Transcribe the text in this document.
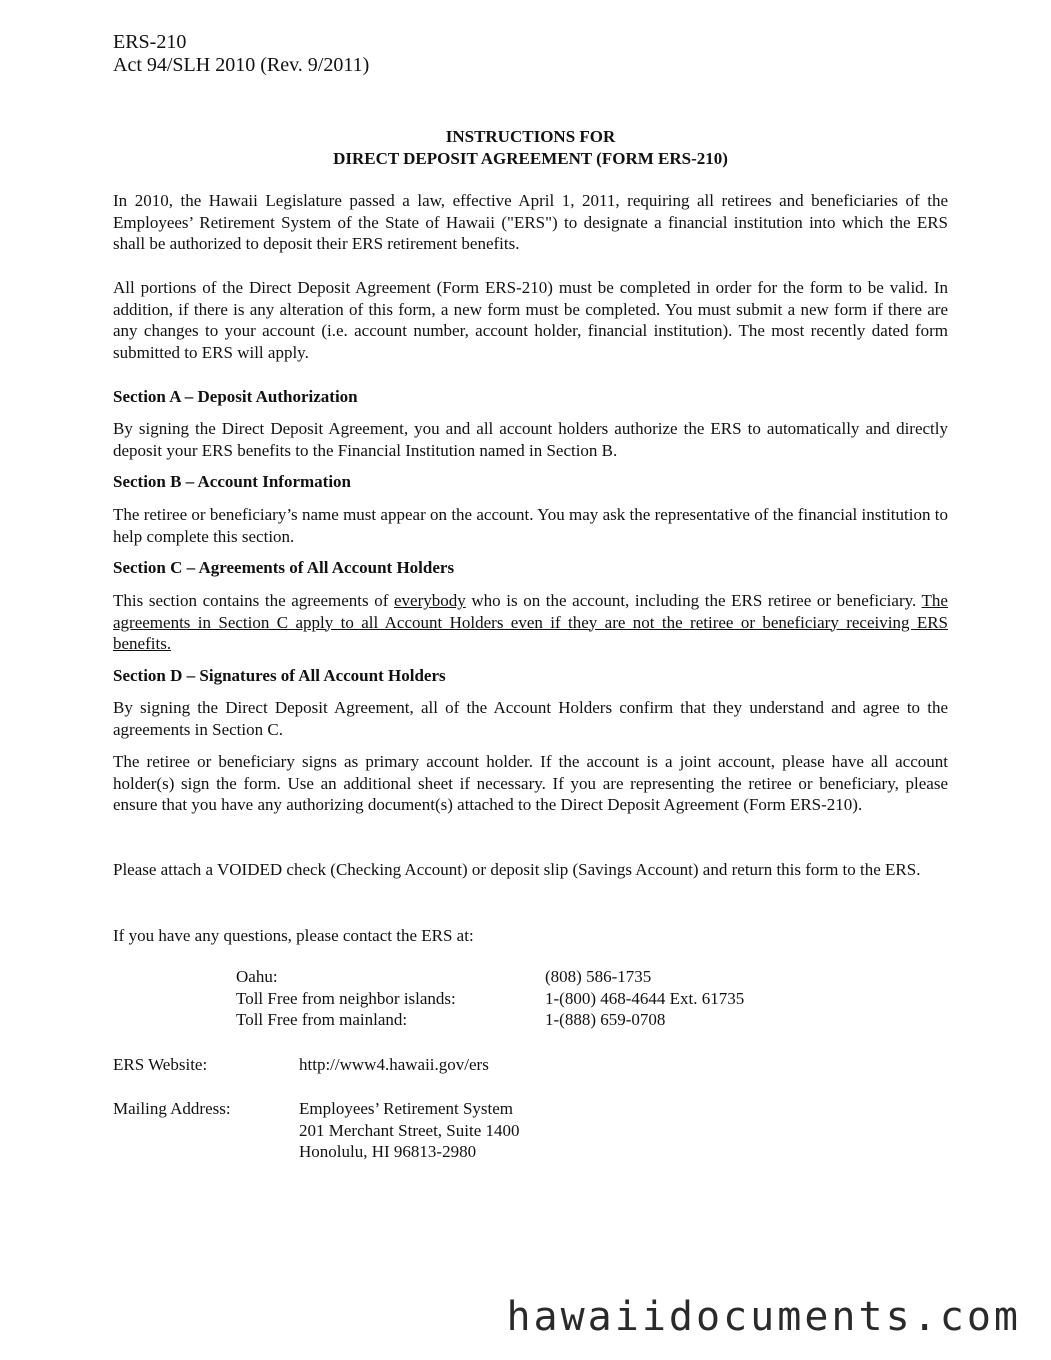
ERS-210
Act 94/SLH 2010 (Rev. 9/2011)
INSTRUCTIONS FOR
DIRECT DEPOSIT AGREEMENT (FORM ERS-210)

In 2010, the Hawaii Legislature passed a law, effective April 1, 2011, requiring all retirees and beneficiaries of the Employees’ Retirement System of the State of Hawaii ("ERS") to designate a financial institution into which the ERS shall be authorized to deposit their ERS retirement benefits.

All portions of the Direct Deposit Agreement (Form ERS-210) must be completed in order for the form to be valid. In addition, if there is any alteration of this form, a new form must be completed. You must submit a new form if there are any changes to your account (i.e. account number, account holder, financial institution). The most recently dated form submitted to ERS will apply.

Section A – Deposit Authorization

By signing the Direct Deposit Agreement, you and all account holders authorize the ERS to automatically and directly deposit your ERS benefits to the Financial Institution named in Section B.

Section B – Account Information

The retiree or beneficiary’s name must appear on the account. You may ask the representative of the financial institution to help complete this section.

Section C – Agreements of All Account Holders

This section contains the agreements of everybody who is on the account, including the ERS retiree or beneficiary. The agreements in Section C apply to all Account Holders even if they are not the retiree or beneficiary receiving ERS benefits.

Section D – Signatures of All Account Holders

By signing the Direct Deposit Agreement, all of the Account Holders confirm that they understand and agree to the agreements in Section C.

The retiree or beneficiary signs as primary account holder. If the account is a joint account, please have all account holder(s) sign the form. Use an additional sheet if necessary. If you are representing the retiree or beneficiary, please ensure that you have any authorizing document(s) attached to the Direct Deposit Agreement (Form ERS-210).

Please attach a VOIDED check (Checking Account) or deposit slip (Savings Account) and return this form to the ERS.

If you have any questions, please contact the ERS at:

Oahu:	(808) 586-1735
Toll Free from neighbor islands:	1-(800) 468-4644 Ext. 61735
Toll Free from mainland:	1-(888) 659-0708
ERS Website:	http://www4.hawaii.gov/ers
Mailing Address:	Employees’ Retirement System
201 Merchant Street, Suite 1400
Honolulu, HI 96813-2980
hawaiidocuments.com
